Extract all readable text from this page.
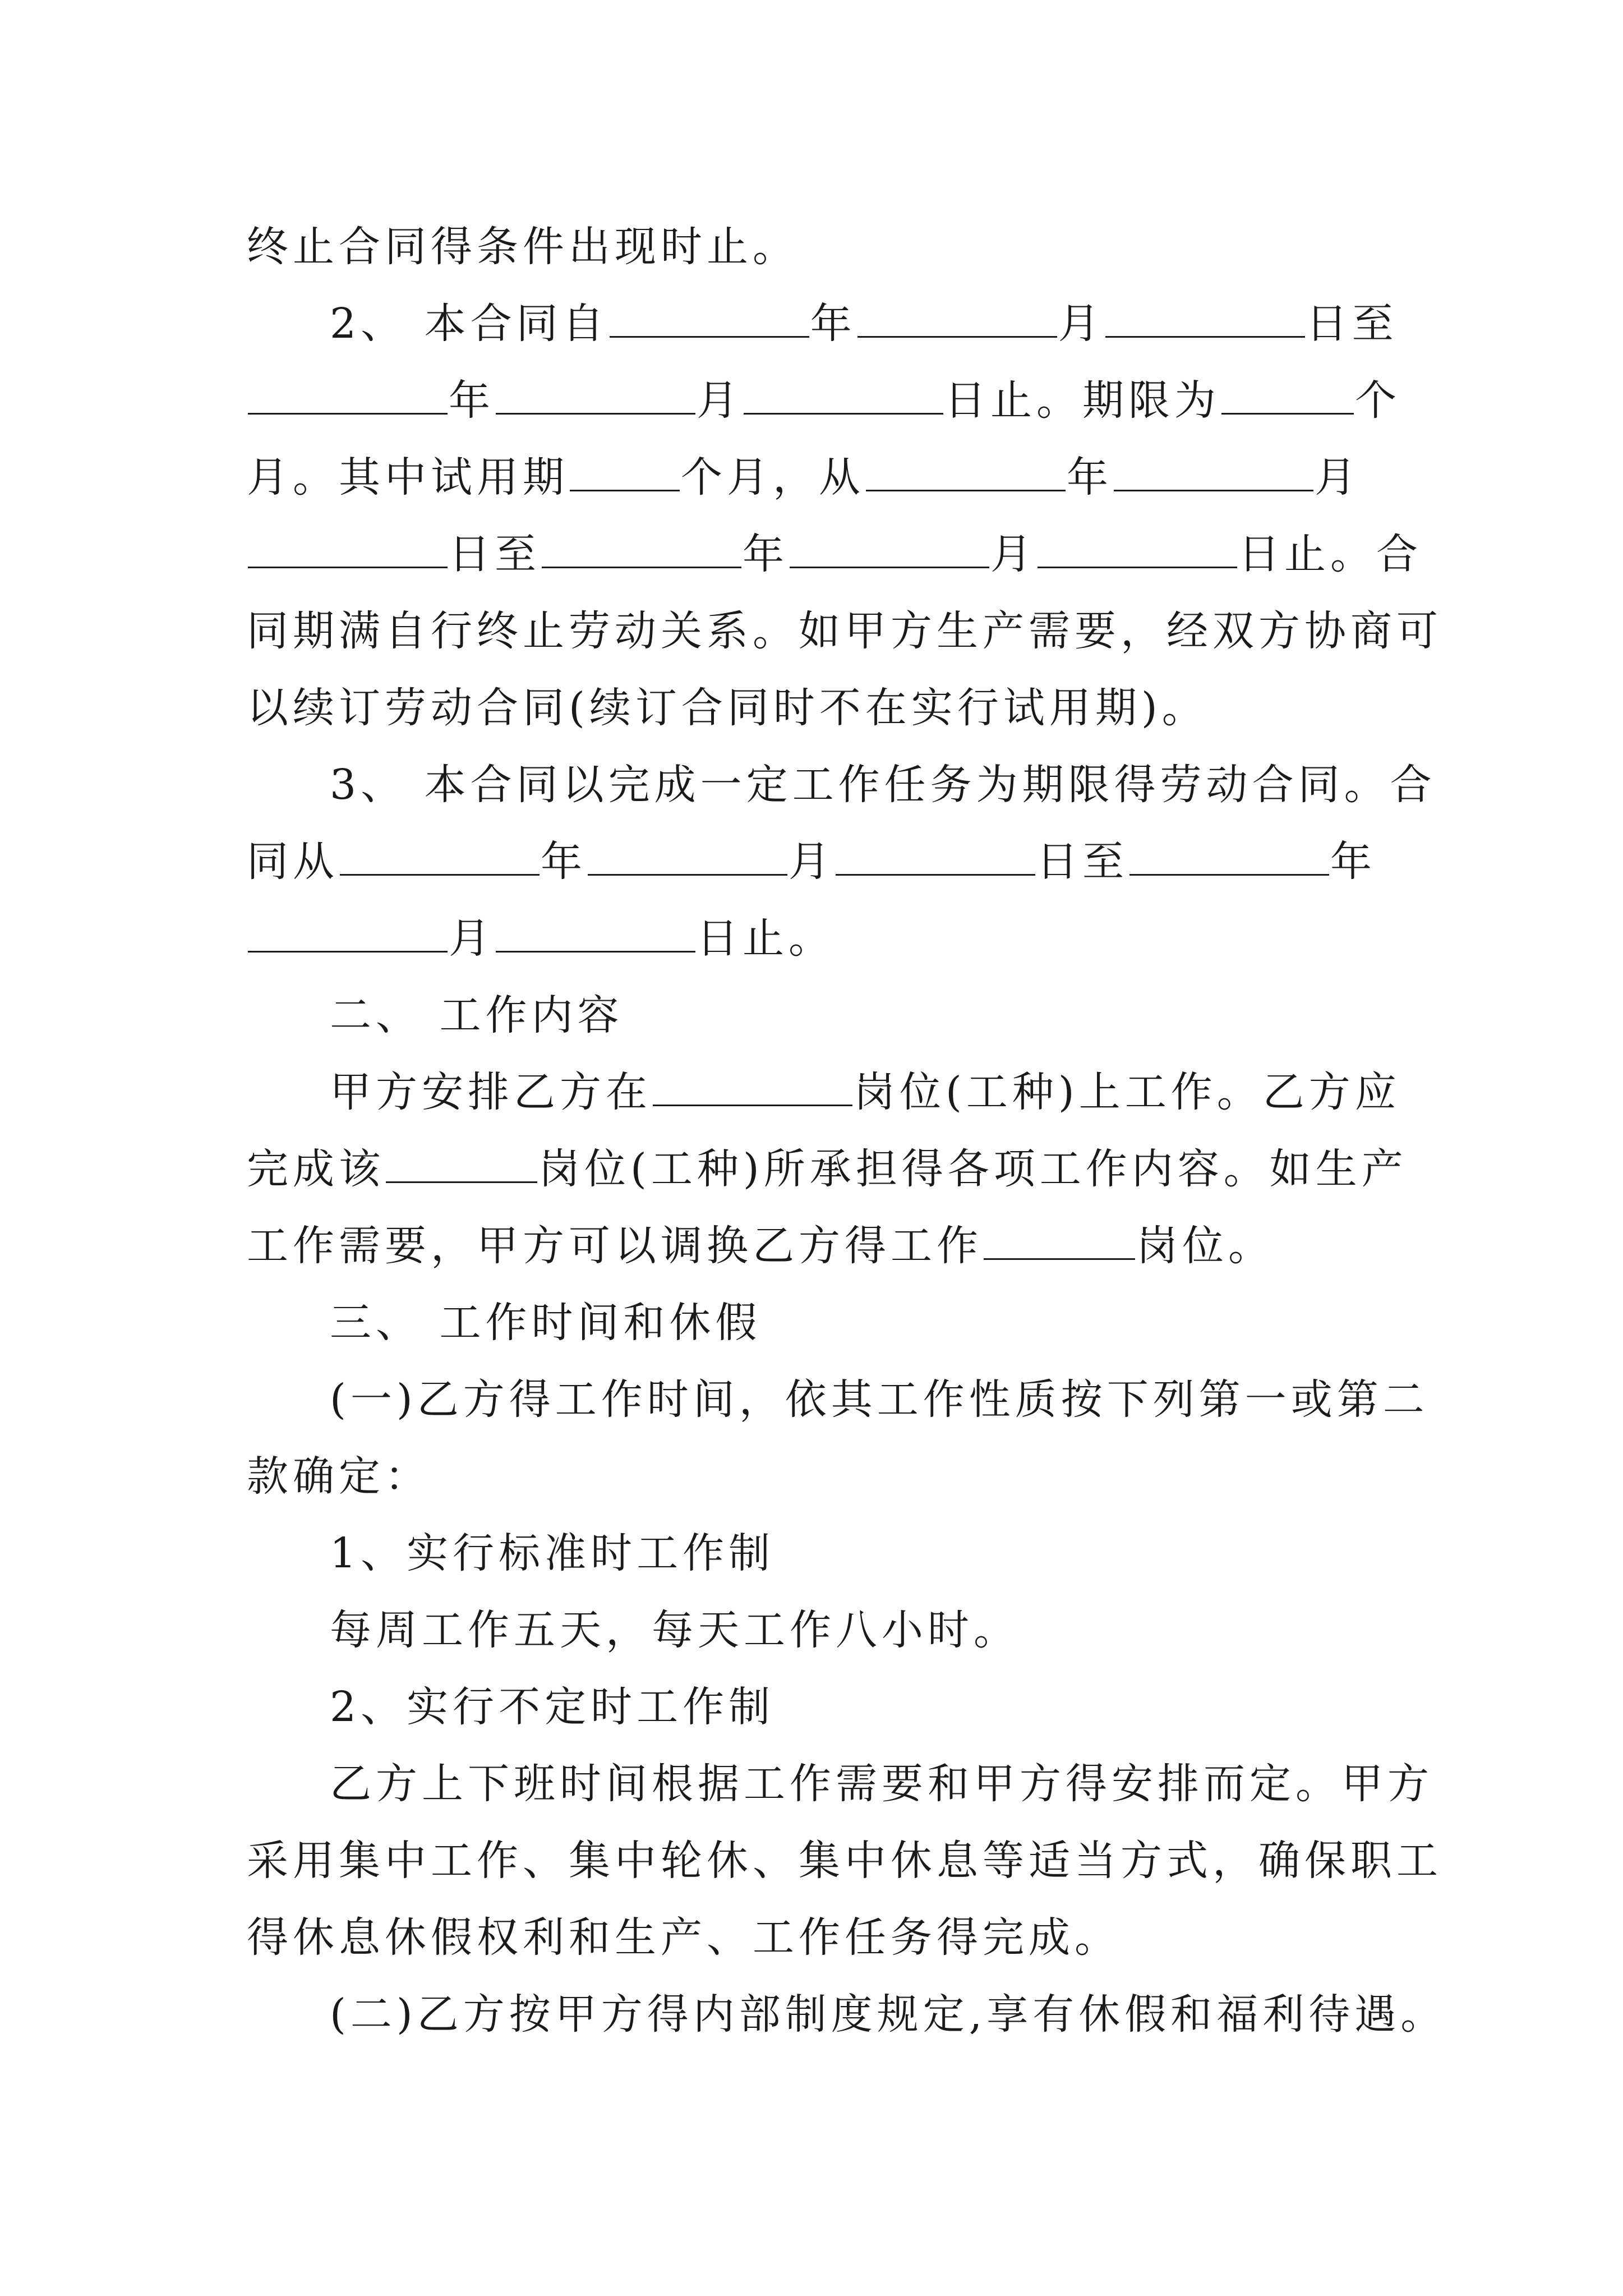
终止合同得条件出现时止。

2、 本合同自	年	月	日至

年	月	日止。期限为	个

月。其中试用期	个月，从	年	月

日至	年	月	日止。合

同期满自行终止劳动关系。如甲方生产需要，经双方协商可

以续订劳动合同(续订合同时不在实行试用期)。

3、 本合同以完成一定工作任务为期限得劳动合同。合

同从	年	月	日至	年

月	日止。

二、 工作内容

甲方安排乙方在	岗位(工种)上工作。乙方应

完成该	岗位(工种)所承担得各项工作内容。如生产

工作需要，甲方可以调换乙方得工作	岗位。

三、 工作时间和休假

(一)乙方得工作时间，依其工作性质按下列第一或第二

款确定：

1、实行标准时工作制

每周工作五天，每天工作八小时。

2、实行不定时工作制

乙方上下班时间根据工作需要和甲方得安排而定。甲方

采用集中工作、集中轮休、集中休息等适当方式，确保职工

得休息休假权利和生产、工作任务得完成。

(二)乙方按甲方得内部制度规定,享有休假和福利待遇。
